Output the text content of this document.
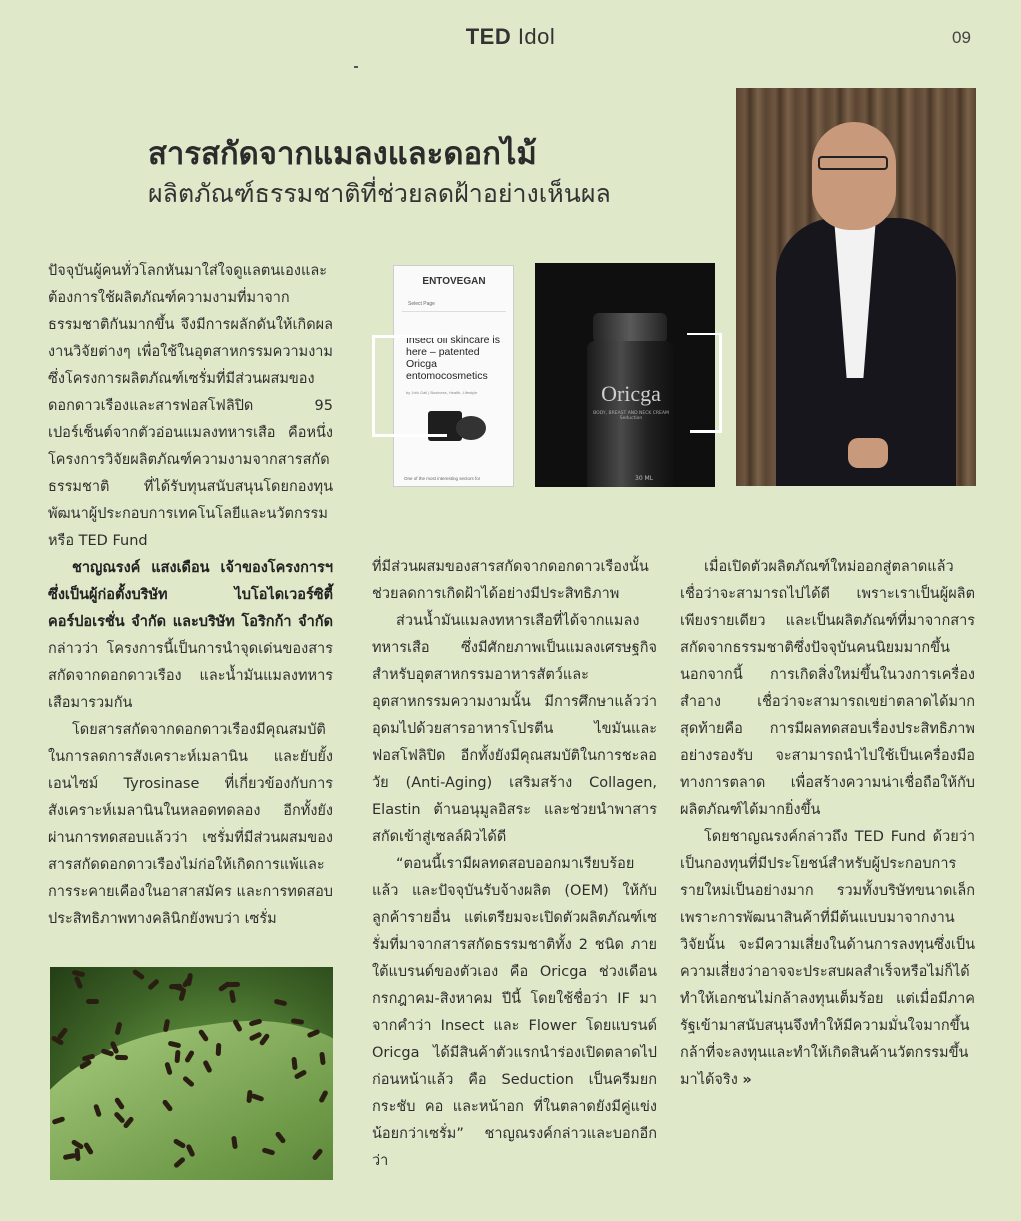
TED Idol	09
สารสกัดจากแมลงและดอกไม้
ผลิตภัณฑ์ธรรมชาติที่ช่วยลดฝ้าอย่างเห็นผล
ENTOVEGAN
Select Page
Insect oil skincare is here – patented Oricga entomocosmetics
by Joth Gall | Business, Health, Lifestyle
One of the most interesting sectors for
Oricga
BODY, BREAST AND NECK CREAM
Seduction
30 ML

ปัจจุบันผู้คนทั่วโลกหันมาใส่ใจดูแลตนเองและต้องการใช้ผลิตภัณฑ์ความงามที่มาจากธรรมชาติกันมากขึ้น จึงมีการผลักดันให้เกิดผลงานวิจัยต่างๆ เพื่อใช้ในอุตสาหกรรมความงาม ซึ่งโครงการผลิตภัณฑ์เซรั่มที่มีส่วนผสมของดอกดาวเรืองและสารฟอสโฟลิปิด 95 เปอร์เซ็นต์จากตัวอ่อนแมลงทหารเสือ คือหนึ่งโครงการวิจัยผลิตภัณฑ์ความงามจากสารสกัดธรรมชาติ ที่ได้รับทุนสนับสนุนโดยกองทุนพัฒนาผู้ประกอบการเทคโนโลยีและนวัตกรรม หรือ TED Fund

ชาญณรงค์ แสงเดือน เจ้าของโครงการฯ ซึ่งเป็นผู้ก่อตั้งบริษัท ไบโอไดเวอร์ซิตี้ คอร์ปอเรชั่น จำกัด และบริษัท โอริกก้า จำกัด กล่าวว่า โครงการนี้เป็นการนำจุดเด่นของสารสกัดจากดอกดาวเรือง และน้ำมันแมลงทหารเสือมารวมกัน

โดยสารสกัดจากดอกดาวเรืองมีคุณสมบัติในการลดการสังเคราะห์เมลานิน และยับยั้งเอนไซม์ Tyrosinase ที่เกี่ยวข้องกับการสังเคราะห์เมลานินในหลอดทดลอง อีกทั้งยังผ่านการทดสอบแล้วว่า เซรั่มที่มีส่วนผสมของสารสกัดดอกดาวเรืองไม่ก่อให้เกิดการแพ้และการระคายเคืองในอาสาสมัคร และการทดสอบประสิทธิภาพทางคลินิกยังพบว่า เซรั่ม

ที่มีส่วนผสมของสารสกัดจากดอกดาวเรืองนั้นช่วยลดการเกิดฝ้าได้อย่างมีประสิทธิภาพ

ส่วนน้ำมันแมลงทหารเสือที่ได้จากแมลงทหารเสือ ซึ่งมีศักยภาพเป็นแมลงเศรษฐกิจสำหรับอุตสาหกรรมอาหารสัตว์และอุตสาหกรรมความงามนั้น มีการศึกษาแล้วว่าอุดมไปด้วยสารอาหารโปรตีน ไขมันและฟอสโฟลิปิด อีกทั้งยังมีคุณสมบัติในการชะลอวัย (Anti-Aging) เสริมสร้าง Collagen, Elastin ต้านอนุมูลอิสระ และช่วยนำพาสารสกัดเข้าสู่เซลล์ผิวได้ดี

“ตอนนี้เรามีผลทดสอบออกมาเรียบร้อยแล้ว และปัจจุบันรับจ้างผลิต (OEM) ให้กับลูกค้ารายอื่น แต่เตรียมจะเปิดตัวผลิตภัณฑ์เซรั่มที่มาจากสารสกัดธรรมชาติทั้ง 2 ชนิด ภายใต้แบรนด์ของตัวเอง คือ Oricga ช่วงเดือนกรกฎาคม-สิงหาคม ปีนี้ โดยใช้ชื่อว่า IF มาจากคำว่า Insect และ Flower โดยแบรนด์ Oricga ได้มีสินค้าตัวแรกนำร่องเปิดตลาดไปก่อนหน้าแล้ว คือ Seduction เป็นครีมยกกระชับ คอ และหน้าอก ที่ในตลาดยังมีคู่แข่งน้อยกว่าเซรั่ม” ชาญณรงค์กล่าวและบอกอีกว่า

เมื่อเปิดตัวผลิตภัณฑ์ใหม่ออกสู่ตลาดแล้วเชื่อว่าจะสามารถไปได้ดี เพราะเราเป็นผู้ผลิตเพียงรายเดียว และเป็นผลิตภัณฑ์ที่มาจากสารสกัดจากธรรมชาติซึ่งปัจจุบันคนนิยมมากขึ้น นอกจากนี้ การเกิดสิ่งใหม่ขึ้นในวงการเครื่องสำอาง เชื่อว่าจะสามารถเขย่าตลาดได้มาก สุดท้ายคือ การมีผลทดสอบเรื่องประสิทธิภาพอย่างรองรับ จะสามารถนำไปใช้เป็นเครื่องมือทางการตลาด เพื่อสร้างความน่าเชื่อถือให้กับผลิตภัณฑ์ได้มากยิ่งขึ้น

โดยชาญณรงค์กล่าวถึง TED Fund ด้วยว่าเป็นกองทุนที่มีประโยชน์สำหรับผู้ประกอบการรายใหม่เป็นอย่างมาก รวมทั้งบริษัทขนาดเล็ก เพราะการพัฒนาสินค้าที่มีต้นแบบมาจากงานวิจัยนั้น จะมีความเสี่ยงในด้านการลงทุนซึ่งเป็นความเสี่ยงว่าอาจจะประสบผลสำเร็จหรือไม่ก็ได้ ทำให้เอกชนไม่กล้าลงทุนเต็มร้อย แต่เมื่อมีภาครัฐเข้ามาสนับสนุนจึงทำให้มีความมั่นใจมากขึ้น กล้าที่จะลงทุนและทำให้เกิดสินค้านวัตกรรมขึ้นมาได้จริง »
